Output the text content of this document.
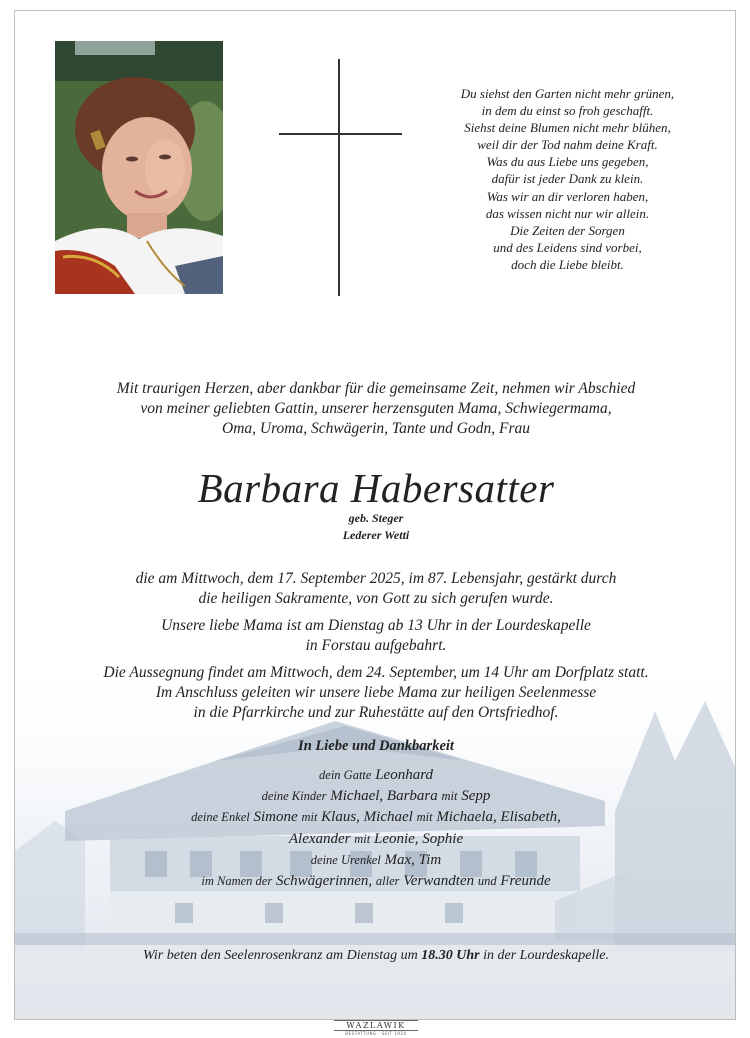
Du siehst den Garten nicht mehr grünen,
in dem du einst so froh geschafft.
Siehst deine Blumen nicht mehr blühen,
weil dir der Tod nahm deine Kraft.
Was du aus Liebe uns gegeben,
dafür ist jeder Dank zu klein.
Was wir an dir verloren haben,
das wissen nicht nur wir allein.
Die Zeiten der Sorgen
und des Leidens sind vorbei,
doch die Liebe bleibt.
Mit traurigen Herzen, aber dankbar für die gemeinsame Zeit, nehmen wir Abschied
von meiner geliebten Gattin, unserer herzensguten Mama, Schwiegermama,
Oma, Uroma, Schwägerin, Tante und Godn, Frau
Barbara Habersatter
geb. Steger
Lederer Wetti
die am Mittwoch, dem 17. September 2025, im 87. Lebensjahr, gestärkt durch
die heiligen Sakramente, von Gott zu sich gerufen wurde.
Unsere liebe Mama ist am Dienstag ab 13 Uhr in der Lourdeskapelle
in Forstau aufgebahrt.
Die Aussegnung findet am Mittwoch, dem 24. September, um 14 Uhr am Dorfplatz statt.
Im Anschluss geleiten wir unsere liebe Mama zur heiligen Seelenmesse
in die Pfarrkirche und zur Ruhestätte auf den Ortsfriedhof.
In Liebe und Dankbarkeit
dein Gatte Leonhard
deine Kinder Michael, Barbara mit Sepp
deine Enkel Simone mit Klaus, Michael mit Michaela, Elisabeth,
Alexander mit Leonie, Sophie
deine Urenkel Max, Tim
im Namen der Schwägerinnen, aller Verwandten und Freunde
Wir beten den Seelenrosenkranz am Dienstag um 18.30 Uhr in der Lourdeskapelle.
WAZLAWIK
BESTATTUNG · SEIT 1920
